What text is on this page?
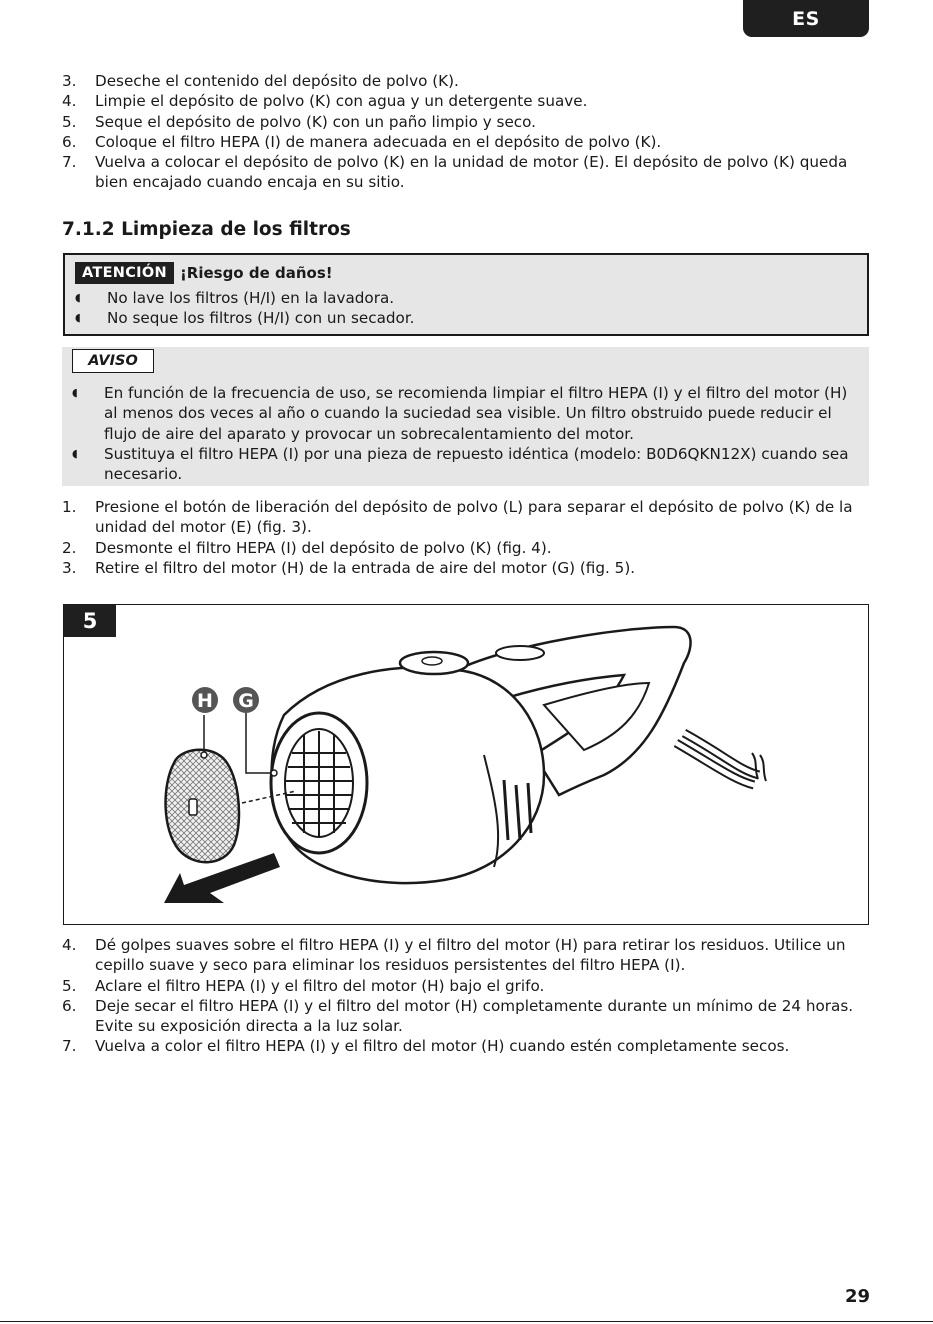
ES
3.	Deseche el contenido del depósito de polvo (K).
4.	Limpie el depósito de polvo (K) con agua y un detergente suave.
5.	Seque el depósito de polvo (K) con un paño limpio y seco.
6.	Coloque el filtro HEPA (I) de manera adecuada en el depósito de polvo (K).
7.	Vuelva a colocar el depósito de polvo (K) en la unidad de motor (E). El depósito de polvo (K) queda bien encajado cuando encaja en su sitio.
7.1.2 Limpieza de los filtros
ATENCIÓN ¡Riesgo de daños!
◖	No lave los filtros (H/I) en la lavadora.
◖	No seque los filtros (H/I) con un secador.
AVISO
◖	En función de la frecuencia de uso, se recomienda limpiar el filtro HEPA (I) y el filtro del motor (H) al menos dos veces al año o cuando la suciedad sea visible. Un filtro obstruido puede reducir el flujo de aire del aparato y provocar un sobrecalentamiento del motor.
◖	Sustituya el filtro HEPA (I) por una pieza de repuesto idéntica (modelo: B0D6QKN12X) cuando sea necesario.
1.	Presione el botón de liberación del depósito de polvo (L) para separar el depósito de polvo (K) de la unidad del motor (E) (fig. 3).
2.	Desmonte el filtro HEPA (I) del depósito de polvo (K) (fig. 4).
3.	Retire el filtro del motor (H) de la entrada de aire del motor (G) (fig. 5).
H G
5
4.	Dé golpes suaves sobre el filtro HEPA (I) y el filtro del motor (H) para retirar los residuos. Utilice un cepillo suave y seco para eliminar los residuos persistentes del filtro HEPA (I).
5.	Aclare el filtro HEPA (I) y el filtro del motor (H) bajo el grifo.
6.	Deje secar el filtro HEPA (I) y el filtro del motor (H) completamente durante un mínimo de 24 horas. Evite su exposición directa a la luz solar.
7.	Vuelva a color el filtro HEPA (I) y el filtro del motor (H) cuando estén completamente secos.
29
